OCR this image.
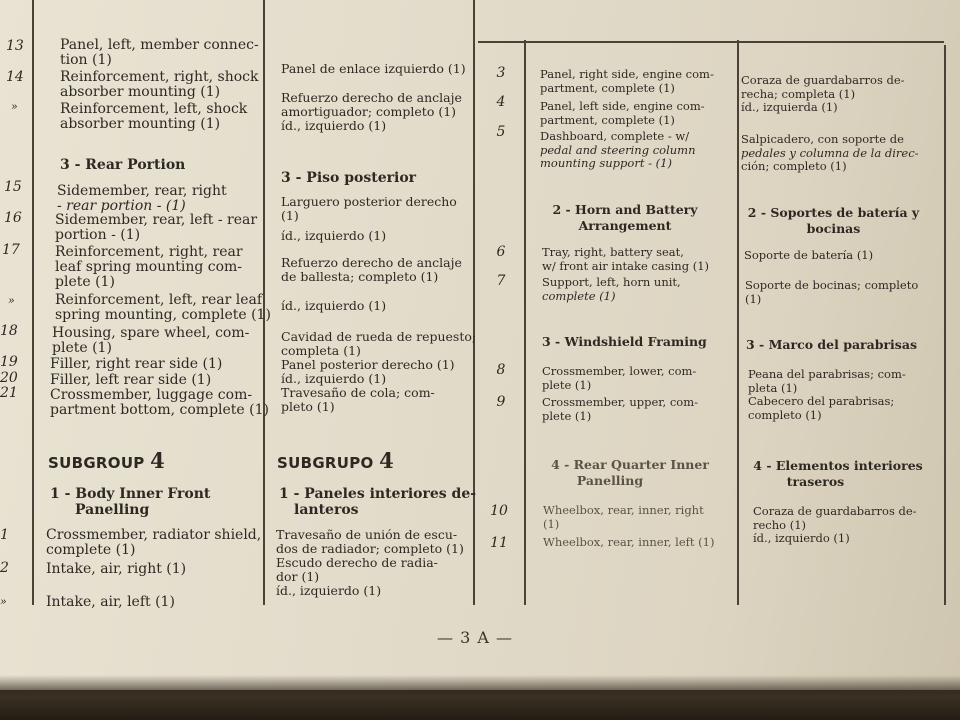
13
14
»
15
16
17
»
18
19
20
21
1
2
»
Panel, left, member connec-
tion (1)
Reinforcement, right, shock
absorber mounting (1)
Reinforcement, left, shock
absorber mounting (1)
3 - Rear Portion
Sidemember, rear, right
- rear portion - (1)
Sidemember, rear, left - rear
portion - (1)
Reinforcement, right, rear
leaf spring mounting com-
plete (1)
Reinforcement, left, rear leaf
spring mounting, complete (1)
Housing, spare wheel, com-
plete (1)
Filler, right rear side (1)
Filler, left rear side (1)
Crossmember, luggage com-
partment bottom, complete (1)
SUBGROUP 4
1 - Body Inner Front
Panelling
Crossmember, radiator shield,
complete (1)
Intake, air, right (1)
Intake, air, left (1)
Panel de enlace izquierdo (1)
Refuerzo derecho de anclaje
amortiguador; completo (1)
íd., izquierdo (1)
3 - Piso posterior
Larguero posterior derecho
(1)
íd., izquierdo (1)
Refuerzo derecho de anclaje
de ballesta; completo (1)
íd., izquierdo (1)
Cavidad de rueda de repuesto;
completa (1)
Panel posterior derecho (1)
íd., izquierdo (1)
Travesaño de cola; com-
pleto (1)
SUBGRUPO 4
1 - Paneles interiores de-
lanteros
Travesaño de unión de escu-
dos de radiador; completo (1)
Escudo derecho de radia-
dor (1)
íd., izquierdo (1)
3
4
5
6
7
8
9
10
11
Panel, right side, engine com-
partment, complete (1)
Panel, left side, engine com-
partment, complete (1)
Dashboard, complete - w/
pedal and steering column
mounting support - (1)
2 - Horn and Battery
Arrangement
Tray, right, battery seat,
w/ front air intake casing (1)
Support, left, horn unit,
complete (1)
3 - Windshield Framing
Crossmember, lower, com-
plete (1)
Crossmember, upper, com-
plete (1)
4 - Rear Quarter Inner
Panelling
Wheelbox, rear, inner, right
(1)
Wheelbox, rear, inner, left (1)
Coraza de guardabarros de-
recha; completa (1)
íd., izquierda (1)
Salpicadero, con soporte de
pedales y columna de la direc-
ción; completo (1)
2 - Soportes de batería y
bocinas
Soporte de batería (1)
Soporte de bocinas; completo
(1)
3 - Marco del parabrisas
Peana del parabrisas; com-
pleta (1)
Cabecero del parabrisas;
completo (1)
4 - Elementos interiores
traseros
Coraza de guardabarros de-
recho (1)
íd., izquierdo (1)
— 3 A —
